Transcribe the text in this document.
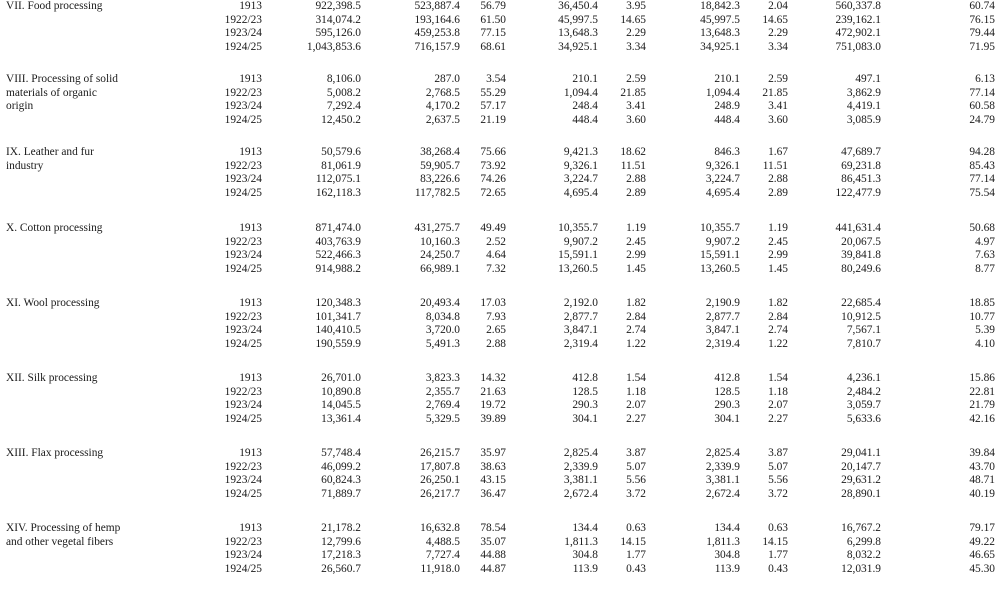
VII. Food processing	1913	922,398.5	523,887.4	56.79	36,450.4	3.95	18,842.3	2.04	560,337.8	60.74
1922/23	314,074.2	193,164.6	61.50	45,997.5	14.65	45,997.5	14.65	239,162.1	76.15
1923/24	595,126.0	459,253.8	77.15	13,648.3	2.29	13,648.3	2.29	472,902.1	79.44
1924/25	1,043,853.6	716,157.9	68.61	34,925.1	3.34	34,925.1	3.34	751,083.0	71.95
VIII. Processing of solid
materials of organic
origin
1913	8,106.0	287.0	3.54	210.1	2.59	210.1	2.59	497.1	6.13
1922/23	5,008.2	2,768.5	55.29	1,094.4	21.85	1,094.4	21.85	3,862.9	77.14
1923/24	7,292.4	4,170.2	57.17	248.4	3.41	248.9	3.41	4,419.1	60.58
1924/25	12,450.2	2,637.5	21.19	448.4	3.60	448.4	3.60	3,085.9	24.79
IX. Leather and fur
industry
1913	50,579.6	38,268.4	75.66	9,421.3	18.62	846.3	1.67	47,689.7	94.28
1922/23	81,061.9	59,905.7	73.92	9,326.1	11.51	9,326.1	11.51	69,231.8	85.43
1923/24	112,075.1	83,226.6	74.26	3,224.7	2.88	3,224.7	2.88	86,451.3	77.14
1924/25	162,118.3	117,782.5	72.65	4,695.4	2.89	4,695.4	2.89	122,477.9	75.54
X. Cotton processing	1913	871,474.0	431,275.7	49.49	10,355.7	1.19	10,355.7	1.19	441,631.4	50.68
1922/23	403,763.9	10,160.3	2.52	9,907.2	2.45	9,907.2	2.45	20,067.5	4.97
1923/24	522,466.3	24,250.7	4.64	15,591.1	2.99	15,591.1	2.99	39,841.8	7.63
1924/25	914,988.2	66,989.1	7.32	13,260.5	1.45	13,260.5	1.45	80,249.6	8.77
XI. Wool processing	1913	120,348.3	20,493.4	17.03	2,192.0	1.82	2,190.9	1.82	22,685.4	18.85
1922/23	101,341.7	8,034.8	7.93	2,877.7	2.84	2,877.7	2.84	10,912.5	10.77
1923/24	140,410.5	3,720.0	2.65	3,847.1	2.74	3,847.1	2.74	7,567.1	5.39
1924/25	190,559.9	5,491.3	2.88	2,319.4	1.22	2,319.4	1.22	7,810.7	4.10
XII. Silk processing	1913	26,701.0	3,823.3	14.32	412.8	1.54	412.8	1.54	4,236.1	15.86
1922/23	10,890.8	2,355.7	21.63	128.5	1.18	128.5	1.18	2,484.2	22.81
1923/24	14,045.5	2,769.4	19.72	290.3	2.07	290.3	2.07	3,059.7	21.79
1924/25	13,361.4	5,329.5	39.89	304.1	2.27	304.1	2.27	5,633.6	42.16
XIII. Flax processing	1913	57,748.4	26,215.7	35.97	2,825.4	3.87	2,825.4	3.87	29,041.1	39.84
1922/23	46,099.2	17,807.8	38.63	2,339.9	5.07	2,339.9	5.07	20,147.7	43.70
1923/24	60,824.3	26,250.1	43.15	3,381.1	5.56	3,381.1	5.56	29,631.2	48.71
1924/25	71,889.7	26,217.7	36.47	2,672.4	3.72	2,672.4	3.72	28,890.1	40.19
XIV. Processing of hemp
and other vegetal fibers
1913	21,178.2	16,632.8	78.54	134.4	0.63	134.4	0.63	16,767.2	79.17
1922/23	12,799.6	4,488.5	35.07	1,811.3	14.15	1,811.3	14.15	6,299.8	49.22
1923/24	17,218.3	7,727.4	44.88	304.8	1.77	304.8	1.77	8,032.2	46.65
1924/25	26,560.7	11,918.0	44.87	113.9	0.43	113.9	0.43	12,031.9	45.30
